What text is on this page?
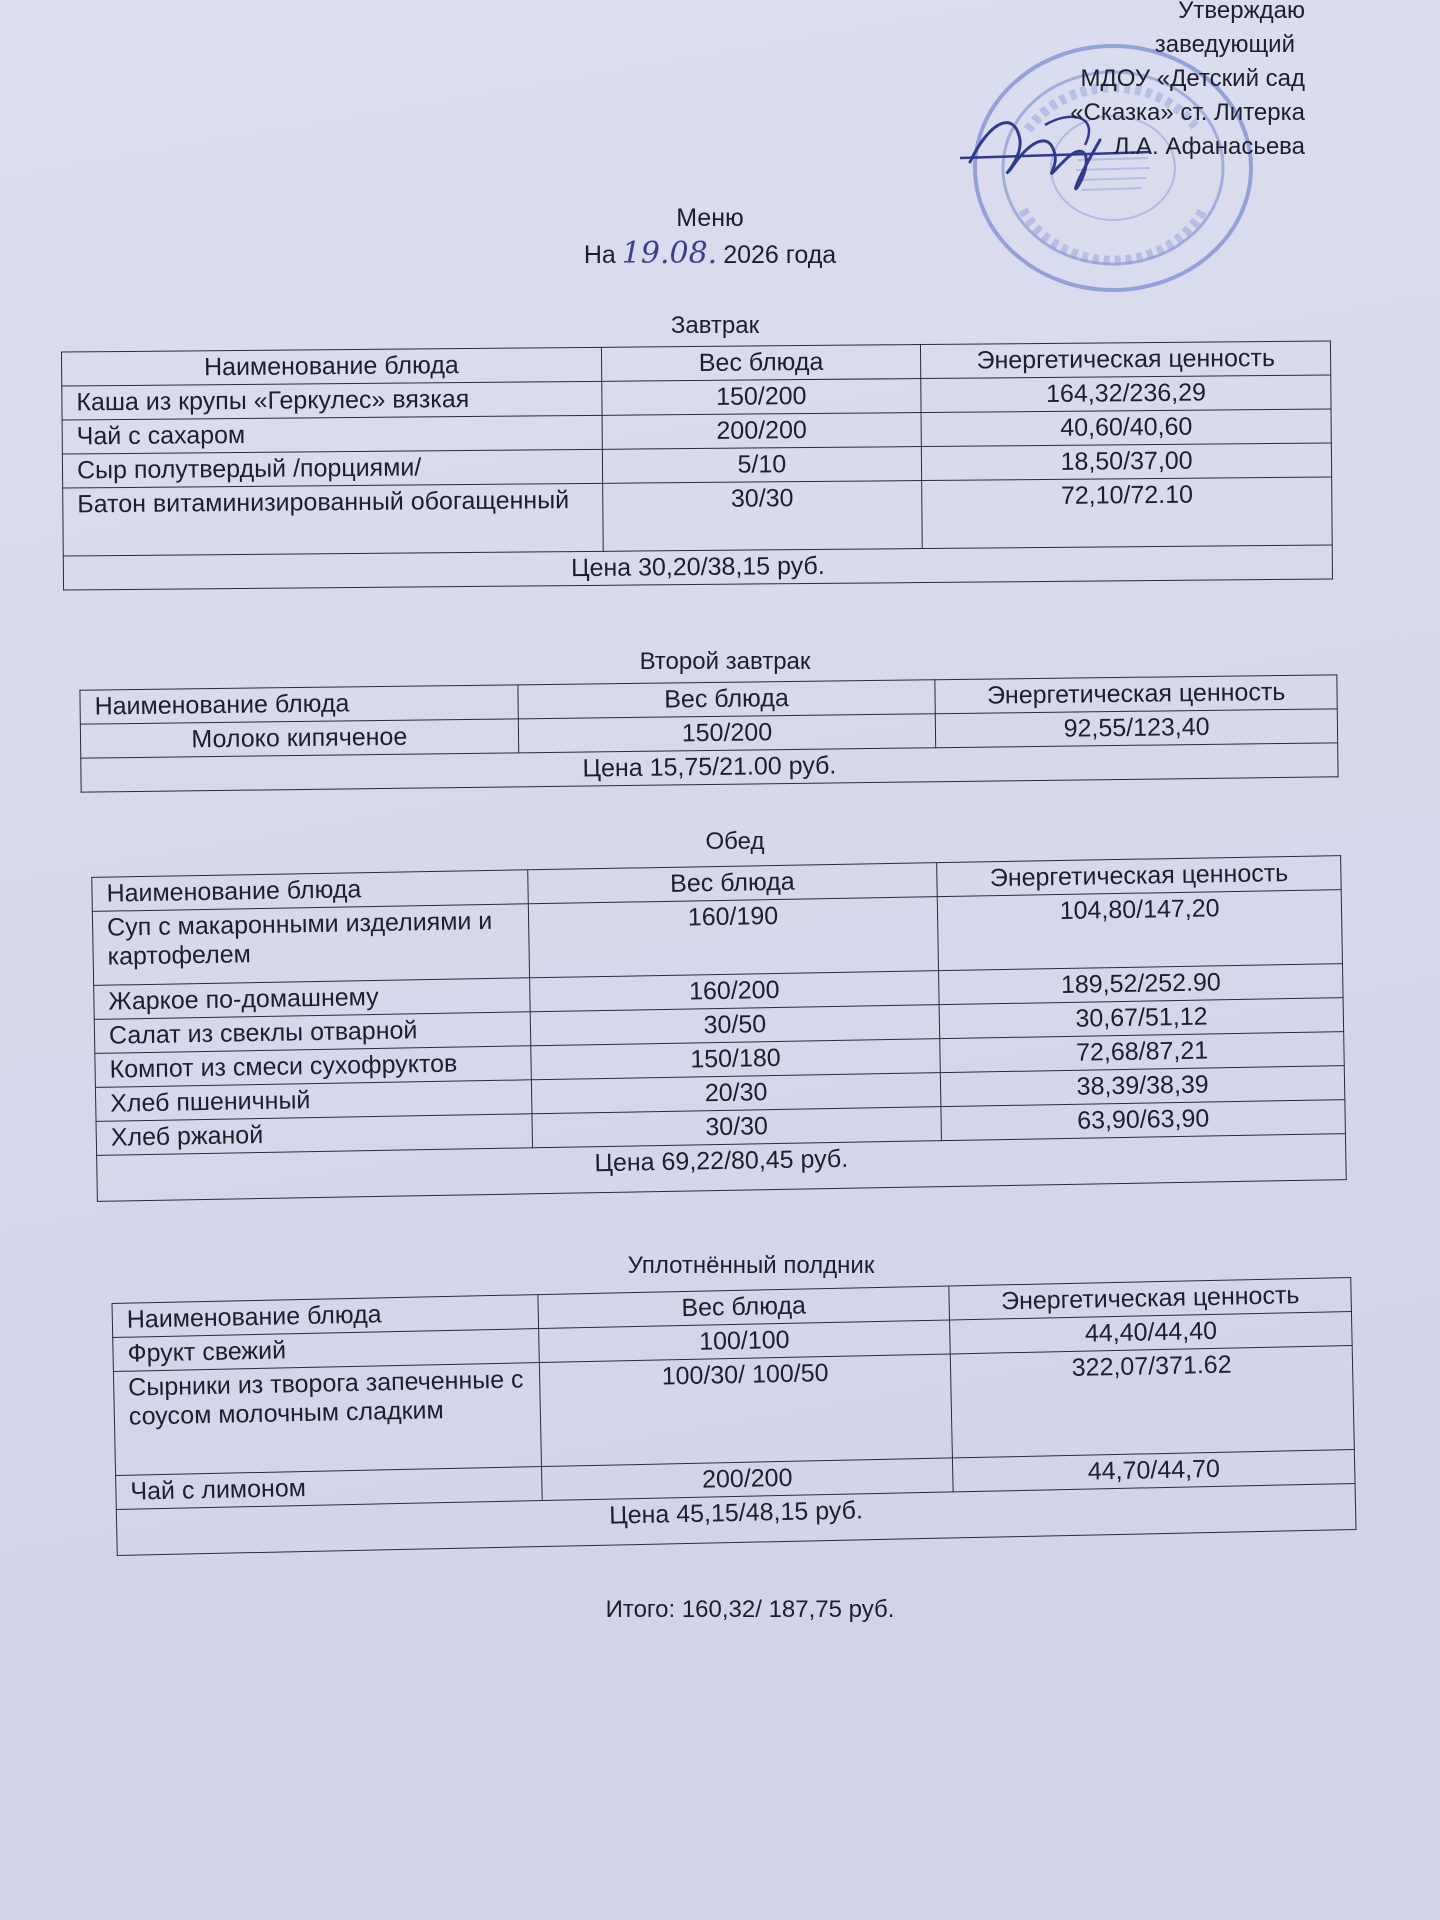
Утверждаю
заведующий
МДОУ «Детский сад
«Сказка» ст. Литерка
Л.А. Афанасьева
Меню
На 19.08. 2026 года
Завтрак
Наименование блюда	Вес блюда	Энергетическая ценность
Каша из крупы «Геркулес» вязкая	150/200	164,32/236,29
Чай с сахаром	200/200	40,60/40,60
Сыр полутвердый /порциями/	5/10	18,50/37,00
Батон витаминизированный обогащенный	30/30	72,10/72.10
Цена 30,20/38,15 руб.		
Второй завтрак
Наименование блюда	Вес блюда	Энергетическая ценность
Молоко кипяченое	150/200	92,55/123,40
Цена 15,75/21.00 руб.		
Обед
Наименование блюда	Вес блюда	Энергетическая ценность
Суп с макаронными изделиями и картофелем	160/190	104,80/147,20
Жаркое по-домашнему	160/200	189,52/252.90
Салат из свеклы отварной	30/50	30,67/51,12
Компот из смеси сухофруктов	150/180	72,68/87,21
Хлеб пшеничный	20/30	38,39/38,39
Хлеб ржаной	30/30	63,90/63,90
Цена 69,22/80,45 руб.		
Уплотнённый полдник
Наименование блюда	Вес блюда	Энергетическая ценность
Фрукт свежий	100/100	44,40/44,40
Сырники из творога запеченные с соусом молочным сладким	100/30/ 100/50	322,07/371.62
Чай с лимоном	200/200	44,70/44,70
Цена 45,15/48,15 руб.		
Итого: 160,32/ 187,75 руб.
